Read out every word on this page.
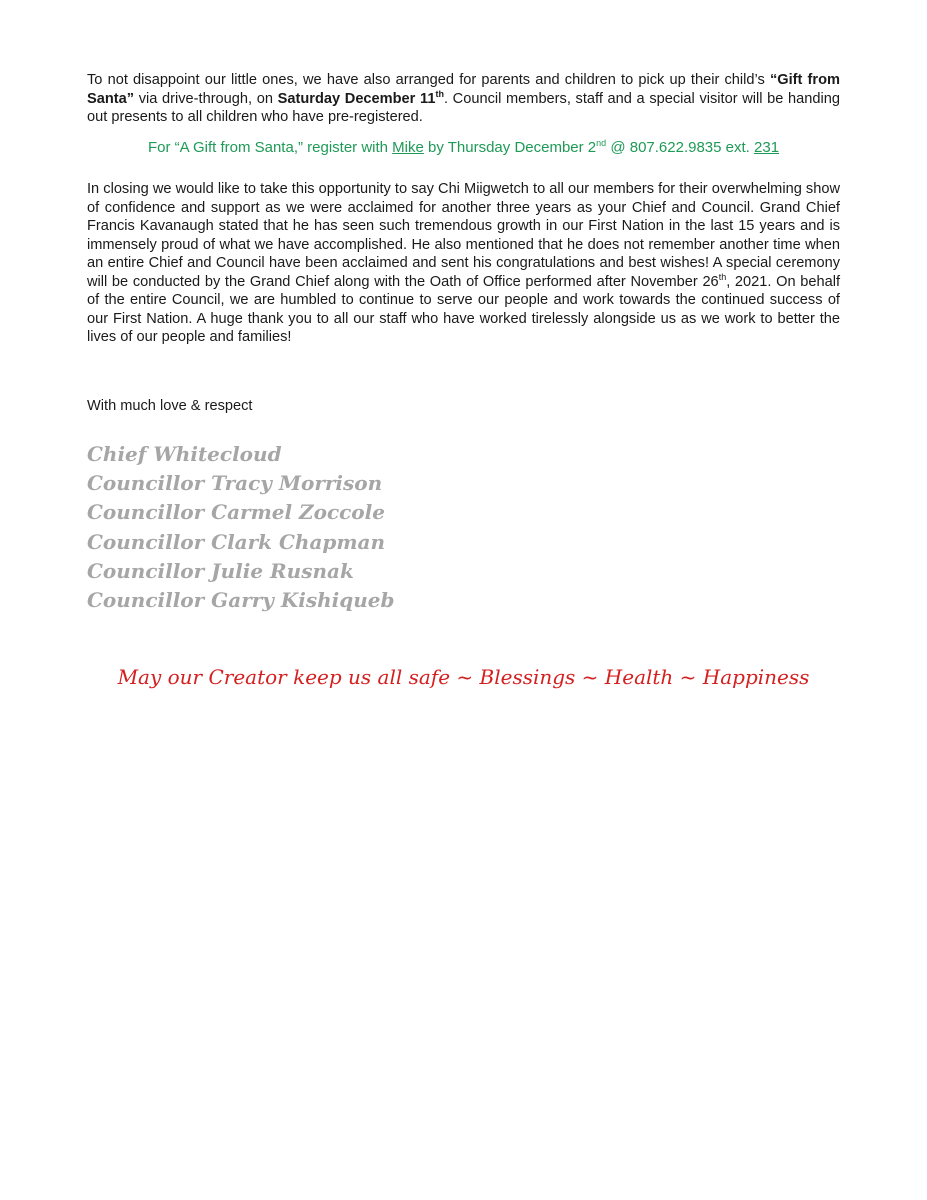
To not disappoint our little ones, we have also arranged for parents and children to pick up their child’s “Gift from Santa” via drive-through, on Saturday December 11th. Council members, staff and a special visitor will be handing out presents to all children who have pre-registered.

For “A Gift from Santa,” register with Mike by Thursday December 2nd @ 807.622.9835 ext. 231

In closing we would like to take this opportunity to say Chi Miigwetch to all our members for their overwhelming show of confidence and support as we were acclaimed for another three years as your Chief and Council. Grand Chief Francis Kavanaugh stated that he has seen such tremendous growth in our First Nation in the last 15 years and is immensely proud of what we have accomplished. He also mentioned that he does not remember another time when an entire Chief and Council have been acclaimed and sent his congratulations and best wishes! A special ceremony will be conducted by the Grand Chief along with the Oath of Office performed after November 26th, 2021. On behalf of the entire Council, we are humbled to continue to serve our people and work towards the continued success of our First Nation. A huge thank you to all our staff who have worked tirelessly alongside us as we work to better the lives of our people and families!

With much love & respect

Chief Whitecloud
Councillor Tracy Morrison
Councillor Carmel Zoccole
Councillor Clark Chapman
Councillor Julie Rusnak
Councillor Garry Kishiqueb
May our Creator keep us all safe ~ Blessings ~ Health ~ Happiness
